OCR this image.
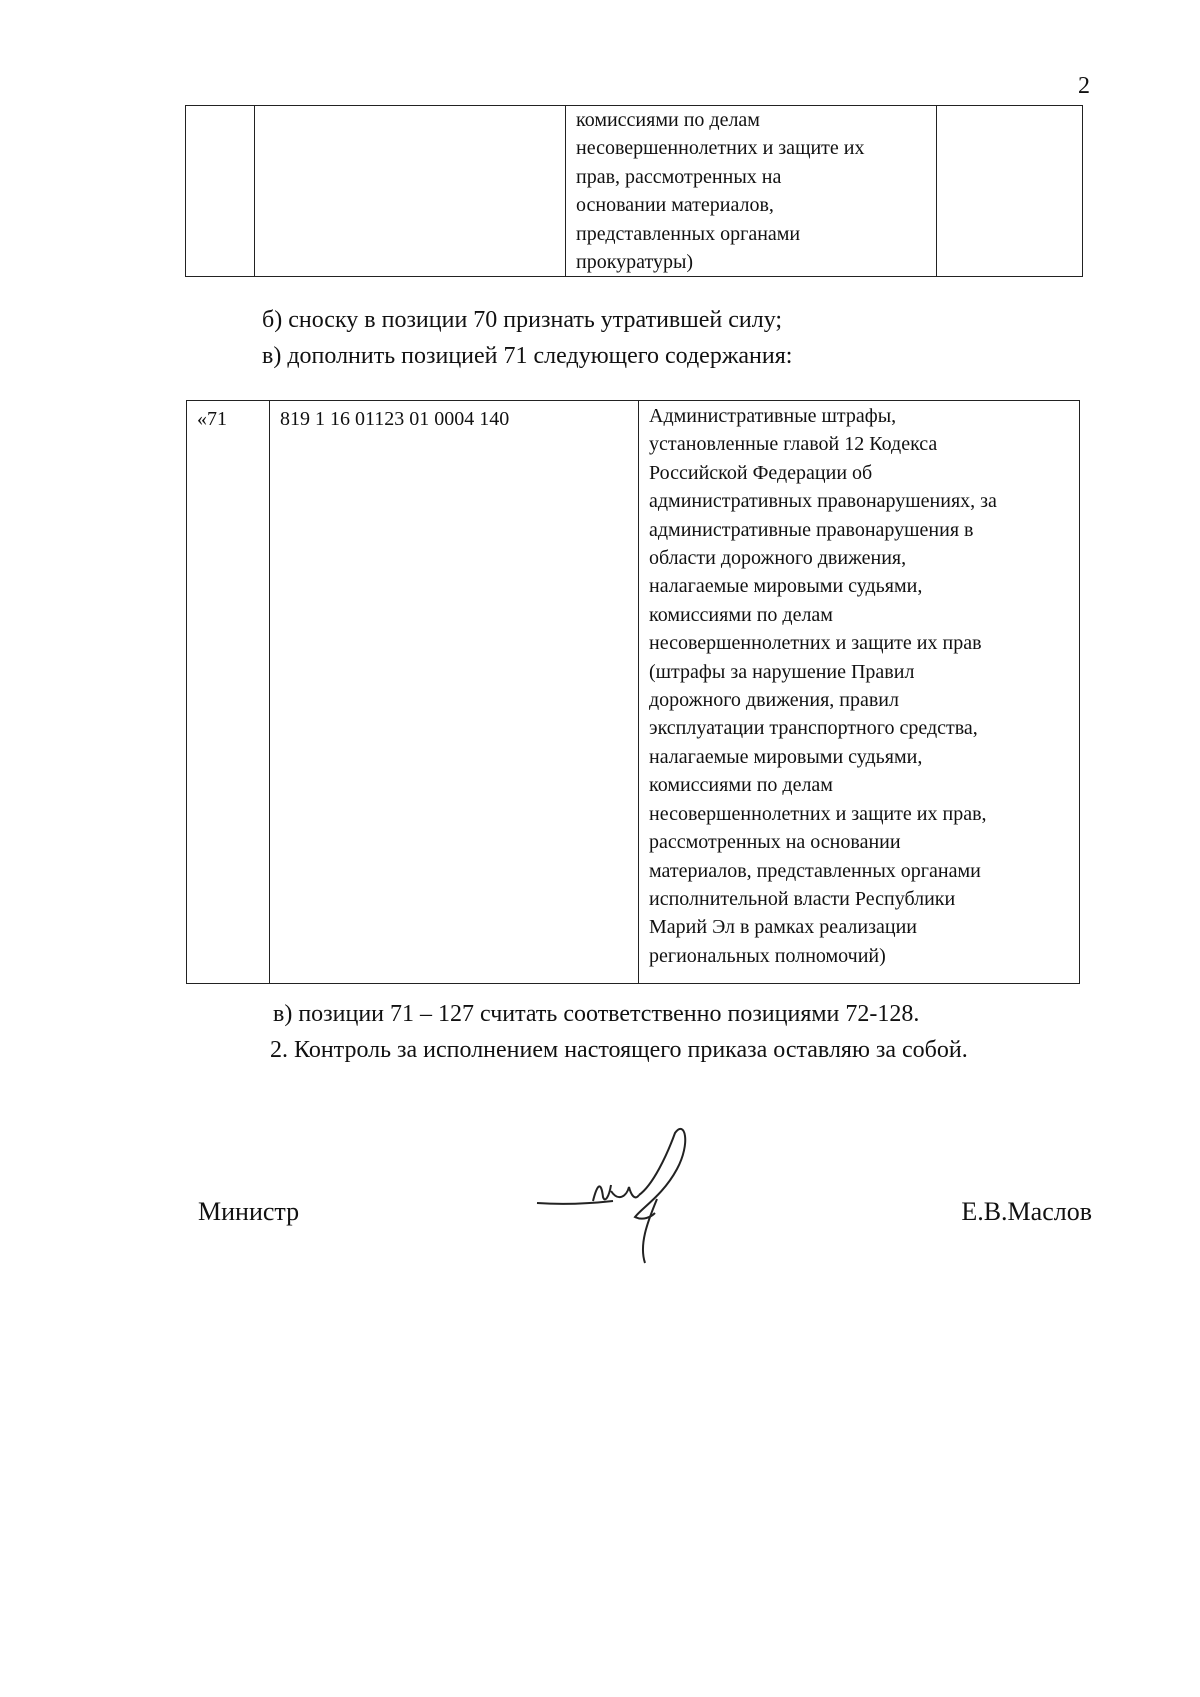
2

комиссиями по делам
несовершеннолетних и защите их
прав, рассмотренных на
основании материалов,
представленных органами
прокуратуры)

б) сноску в позиции 70 признать утратившей силу;
в) дополнить позицией 71 следующего содержания:
«71	819 1 16 01123 01 0004 140	Административные штрафы,
установленные главой 12 Кодекса
Российской Федерации об
административных правонарушениях, за
административные правонарушения в
области дорожного движения,
налагаемые мировыми судьями,
комиссиями по делам
несовершеннолетних и защите их прав
(штрафы за нарушение Правил
дорожного движения, правил
эксплуатации транспортного средства,
налагаемые мировыми судьями,
комиссиями по делам
несовершеннолетних и защите их прав,
рассмотренных на основании
материалов, представленных органами
исполнительной власти Республики
Марий Эл в рамках реализации
региональных полномочий)
в) позиции 71 – 127 считать соответственно позициями 72-128.
2. Контроль за исполнением настоящего приказа оставляю за собой.
Министр	Е.В.Маслов
